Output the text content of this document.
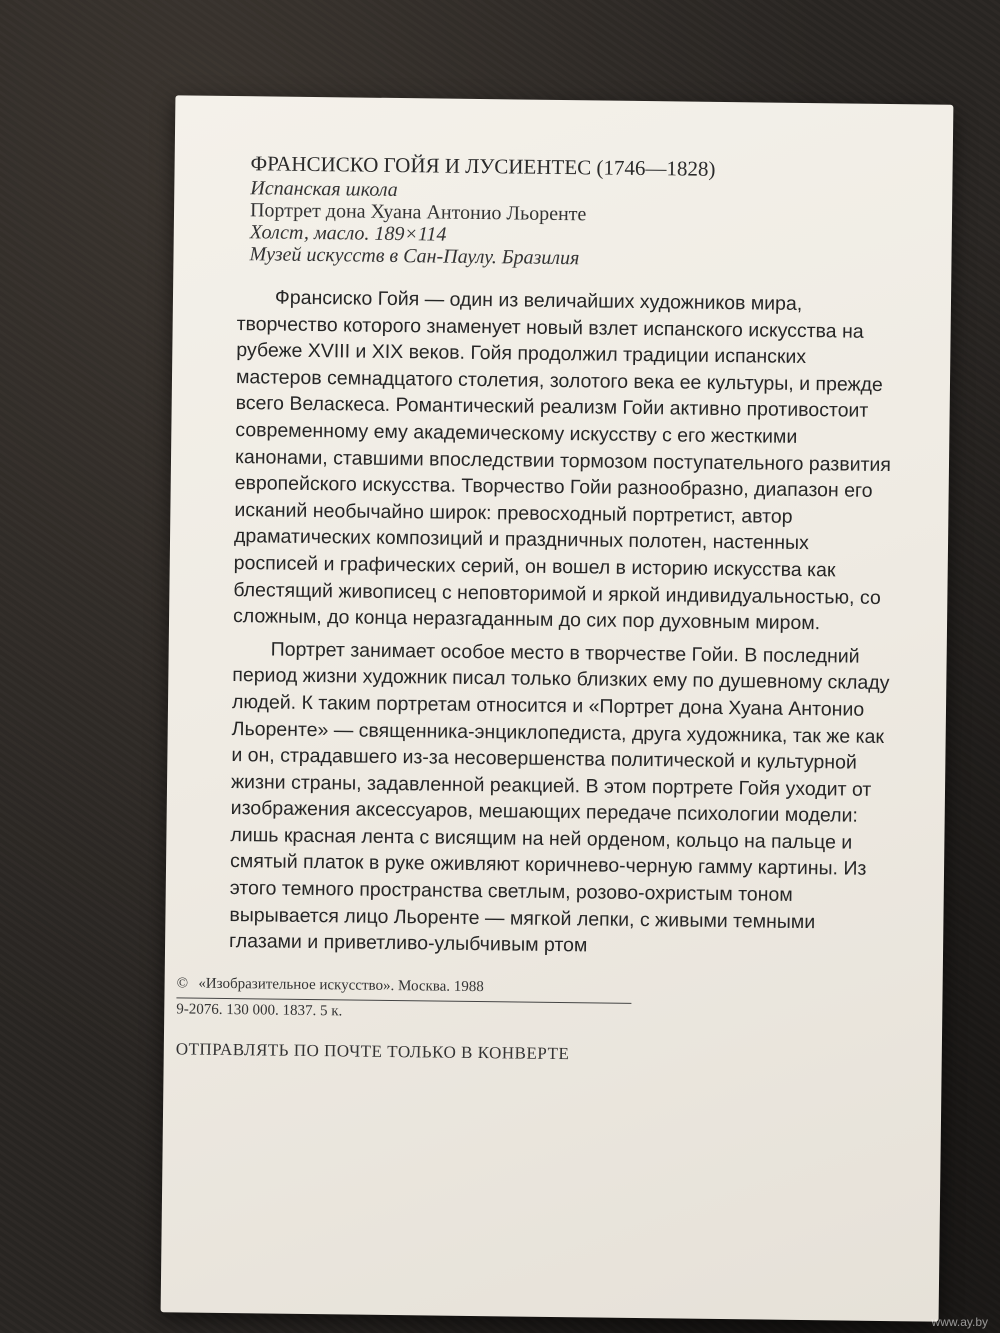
ФРАНСИСКО ГОЙЯ И ЛУСИЕНТЕС (1746—1828)
Испанская школа
Портрет дона Хуана Антонио Льоренте
Холст, масло. 189×114
Музей искусств в Сан-Паулу. Бразилия

Франсиско Гойя — один из величайших художников мира, творчество которого знаменует новый взлет испанского искусства на рубеже XVIII и XIX веков. Гойя продолжил традиции испанских мастеров семнадцатого столетия, золотого века ее культуры, и прежде всего Веласкеса. Романтический реализм Гойи активно противостоит современному ему академическому искусству с его жесткими канонами, ставшими впоследствии тормозом поступательного развития европейского искусства. Творчество Гойи разнообразно, диапазон его исканий необычайно широк: превосходный портретист, автор драматических композиций и праздничных полотен, настенных росписей и графических серий, он вошел в историю искусства как блестящий живописец с неповторимой и яркой индивидуальностью, со сложным, до конца неразгаданным до сих пор духовным миром.

Портрет занимает особое место в творчестве Гойи. В последний период жизни художник писал только близких ему по душевному складу людей. К таким портретам относится и «Портрет дона Хуана Антонио Льоренте» — священника-энциклопедиста, друга художника, так же как и он, страдавшего из-за несовершенства политической и культурной жизни страны, задавленной реакцией. В этом портрете Гойя уходит от изображения аксессуаров, мешающих передаче психологии модели: лишь красная лента с висящим на ней орденом, кольцо на пальце и смятый платок в руке оживляют коричнево-черную гамму картины. Из этого темного пространства светлым, розово-охристым тоном вырывается лицо Льоренте — мягкой лепки, с живыми темными глазами и приветливо-улыбчивым ртом

© «Изобразительное искусство». Москва. 1988
9-2076. 130 000. 1837. 5 к.
ОТПРАВЛЯТЬ ПО ПОЧТЕ ТОЛЬКО В КОНВЕРТЕ
www.ay.by
